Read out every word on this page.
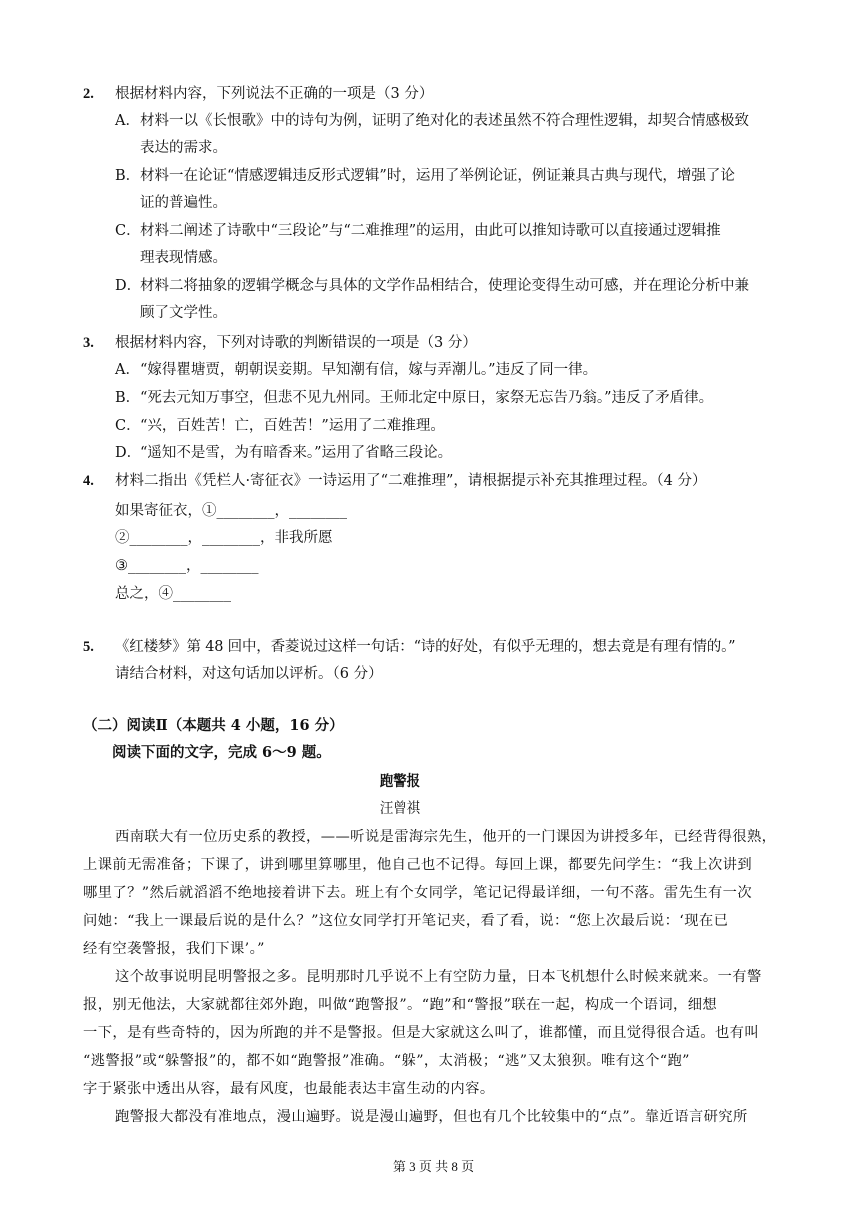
2. 根据材料内容，下列说法不正确的一项是（3 分）
A． 材料一以《长恨歌》中的诗句为例，证明了绝对化的表述虽然不符合理性逻辑，却契合情感极致
表达的需求。
B． 材料一在论证“情感逻辑违反形式逻辑”时，运用了举例论证，例证兼具古典与现代，增强了论
证的普遍性。
C． 材料二阐述了诗歌中“三段论”与“二难推理”的运用，由此可以推知诗歌可以直接通过逻辑推
理表现情感。
D．
材料二将抽象的逻辑学概念与具体的文学作品相结合，使理论变得生动可感，并在理论分析中兼
顾了文学性。
3. 根据材料内容，下列对诗歌的判断错误的一项是（3 分）
A． “嫁得瞿塘贾，朝朝误妾期。早知潮有信，嫁与弄潮儿。”违反了同一律。
B． “死去元知万事空，但悲不见九州同。王师北定中原日，家祭无忘告乃翁。”违反了矛盾律。
C． “兴，百姓苦！亡，百姓苦！”运用了二难推理。
D．
“遥知不是雪，为有暗香来。”运用了省略三段论。
4. 材料二指出《凭栏人·寄征衣》一诗运用了“二难推理”，请根据提示补充其推理过程。（4 分）
如果寄征衣，①________，________
②________，________，非我所愿
③________，________
总之，④________
5. 《红楼梦》第 48 回中，香菱说过这样一句话：“诗的好处，有似乎无理的，想去竟是有理有情的。”
请结合材料，对这句话加以评析。（6 分）
（二）阅读Ⅱ（本题共 4 小题，16 分）
阅读下面的文字，完成 6～9 题。
跑警报
汪曾祺
西南联大有一位历史系的教授，——听说是雷海宗先生，他开的一门课因为讲授多年，已经背得很熟，
上课前无需准备；下课了，讲到哪里算哪里，他自己也不记得。每回上课，都要先问学生：“我上次讲到
哪里了？”然后就滔滔不绝地接着讲下去。班上有个女同学，笔记记得最详细，一句不落。雷先生有一次
问她：“我上一课最后说的是什么？”这位女同学打开笔记夹，看了看，说：“您上次最后说：‘现在已
经有空袭警报，我们下课’。”
这个故事说明昆明警报之多。昆明那时几乎说不上有空防力量，日本飞机想什么时候来就来。一有警
报，别无他法，大家就都往郊外跑，叫做“跑警报”。“跑”和“警报”联在一起，构成一个语词，细想
一下，是有些奇特的，因为所跑的并不是警报。但是大家就这么叫了，谁都懂，而且觉得很合适。也有叫
“逃警报”或“躲警报”的，都不如“跑警报”准确。“躲”，太消极；“逃”又太狼狈。唯有这个“跑”
字于紧张中透出从容，最有风度，也最能表达丰富生动的内容。
跑警报大都没有准地点，漫山遍野。说是漫山遍野，但也有几个比较集中的“点”。靠近语言研究所
第 3 页 共 8 页
